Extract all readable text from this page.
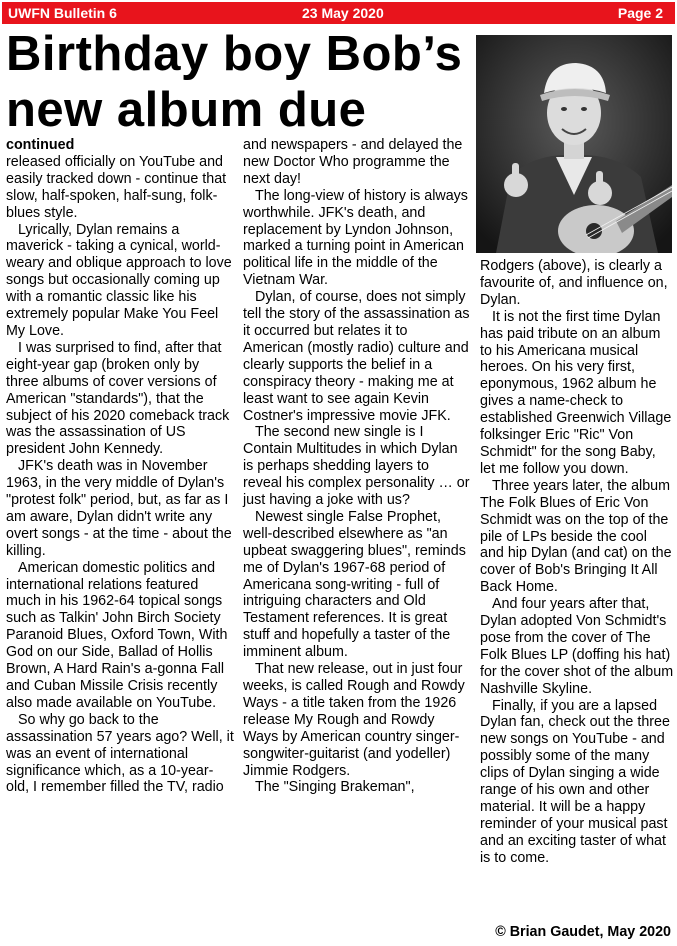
UWFN Bulletin 6	23 May 2020	Page 2
Birthday boy Bob’s new album due

continued

released officially on YouTube and easily tracked down - continue that slow, half-spoken, half-sung, folk-blues style.

Lyrically, Dylan remains a maverick - taking a cynical, world-weary and oblique approach to love songs but occasionally coming up with a romantic classic like his extremely popular Make You Feel My Love.

I was surprised to find, after that eight-year gap (broken only by three albums of cover versions of American "standards"), that the subject of his 2020 comeback track was the assassination of US president John Kennedy.

JFK's death was in November 1963, in the very middle of Dylan's "protest folk" period, but, as far as I am aware, Dylan didn't write any overt songs - at the time - about the killing.

American domestic politics and international relations featured much in his 1962-64 topical songs such as Talkin' John Birch Society Paranoid Blues, Oxford Town, With God on our Side, Ballad of Hollis Brown, A Hard Rain's a-gonna Fall and Cuban Missile Crisis recently also made available on YouTube.

So why go back to the assassination 57 years ago? Well, it was an event of international significance which, as a 10-year-old, I remember filled the TV, radio

and newspapers - and delayed the new Doctor Who programme the next day!

The long-view of history is always worthwhile. JFK's death, and replacement by Lyndon Johnson, marked a turning point in American political life in the middle of the Vietnam War.

Dylan, of course, does not simply tell the story of the assassination as it occurred but relates it to American (mostly radio) culture and clearly supports the belief in a conspiracy theory - making me at least want to see again Kevin Costner's impressive movie JFK.

The second new single is I Contain Multitudes in which Dylan is perhaps shedding layers to reveal his complex personality … or just having a joke with us?

Newest single False Prophet, well-described elsewhere as "an upbeat swaggering blues", reminds me of Dylan's 1967-68 period of Americana song-writing - full of intriguing characters and Old Testament references. It is great stuff and hopefully a taster of the imminent album.

That new release, out in just four weeks, is called Rough and Rowdy Ways - a title taken from the 1926 release My Rough and Rowdy Ways by American country singer-songwiter-guitarist (and yodeller) Jimmie Rodgers.

The "Singing Brakeman",

Rodgers (above), is clearly a favourite of, and influence on, Dylan.

It is not the first time Dylan has paid tribute on an album to his Americana musical heroes. On his very first, eponymous, 1962 album he gives a name-check to established Greenwich Village folksinger Eric "Ric" Von Schmidt" for the song Baby, let me follow you down.

Three years later, the album The Folk Blues of Eric Von Schmidt was on the top of the pile of LPs beside the cool and hip Dylan (and cat) on the cover of Bob's Bringing It All Back Home.

And four years after that, Dylan adopted Von Schmidt's pose from the cover of The Folk Blues LP (doffing his hat) for the cover shot of the album Nashville Skyline.

Finally, if you are a lapsed Dylan fan, check out the three new songs on YouTube - and possibly some of the many clips of Dylan singing a wide range of his own and other material. It will be a happy reminder of your musical past and an exciting taster of what is to come.

© Brian Gaudet, May 2020
